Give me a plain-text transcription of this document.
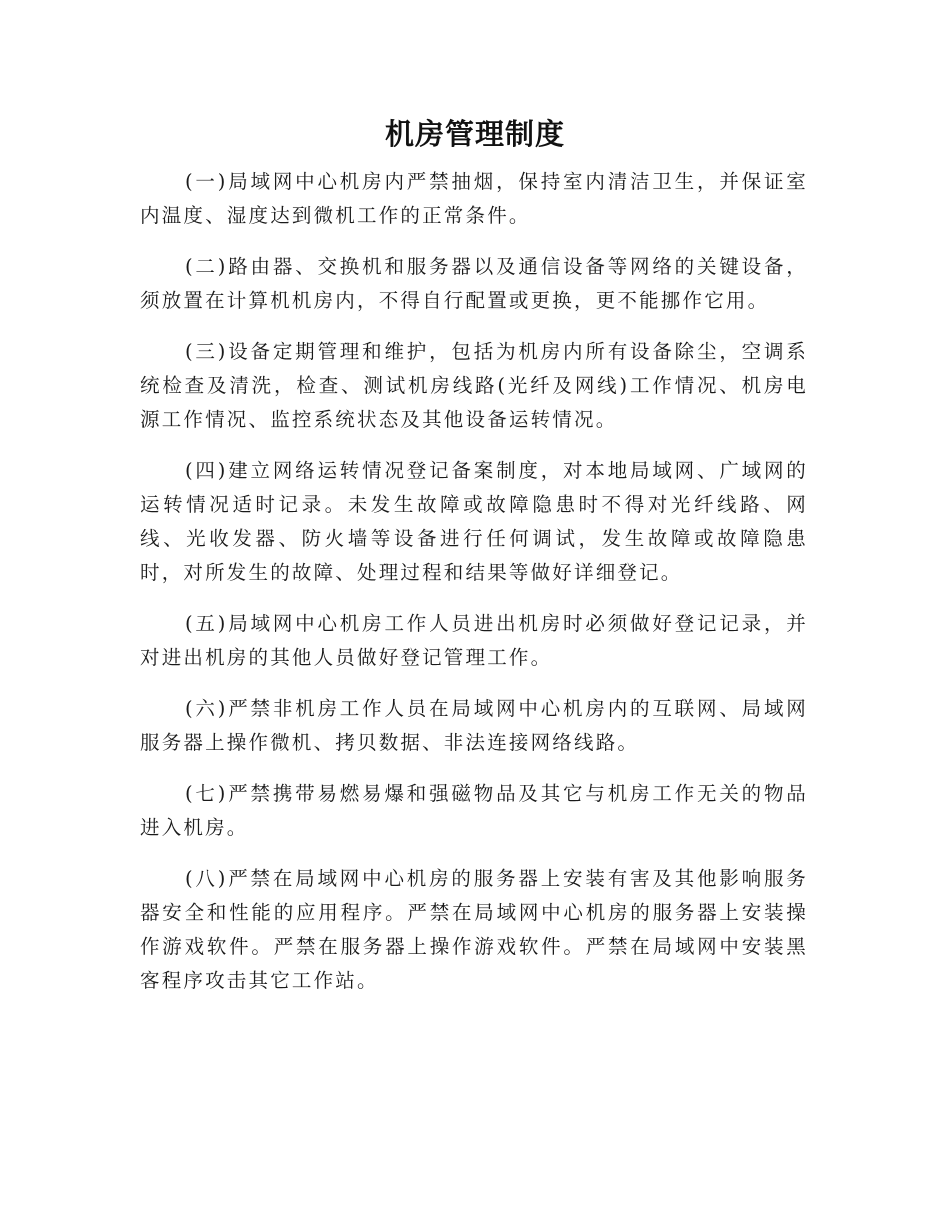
机房管理制度

(一)局域网中心机房内严禁抽烟，保持室内清洁卫生，并保证室内温度、湿度达到微机工作的正常条件。

(二)路由器、交换机和服务器以及通信设备等网络的关键设备，须放置在计算机机房内，不得自行配置或更换，更不能挪作它用。

(三)设备定期管理和维护，包括为机房内所有设备除尘，空调系统检查及清洗，检查、测试机房线路(光纤及网线)工作情况、机房电源工作情况、监控系统状态及其他设备运转情况。

(四)建立网络运转情况登记备案制度，对本地局域网、广域网的运转情况适时记录。未发生故障或故障隐患时不得对光纤线路、网线、光收发器、防火墙等设备进行任何调试，发生故障或故障隐患时，对所发生的故障、处理过程和结果等做好详细登记。

(五)局域网中心机房工作人员进出机房时必须做好登记记录，并对进出机房的其他人员做好登记管理工作。

(六)严禁非机房工作人员在局域网中心机房内的互联网、局域网服务器上操作微机、拷贝数据、非法连接网络线路。

(七)严禁携带易燃易爆和强磁物品及其它与机房工作无关的物品进入机房。

(八)严禁在局域网中心机房的服务器上安装有害及其他影响服务器安全和性能的应用程序。严禁在局域网中心机房的服务器上安装操作游戏软件。严禁在服务器上操作游戏软件。严禁在局域网中安装黑客程序攻击其它工作站。
